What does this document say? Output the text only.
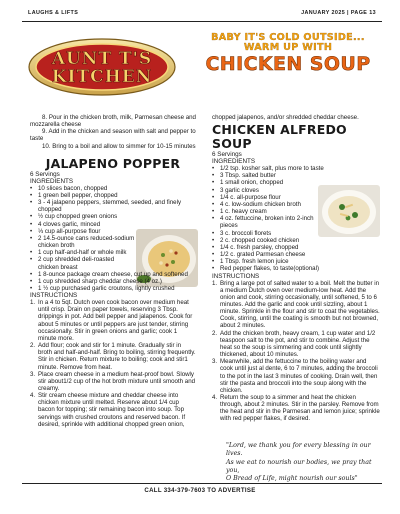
LAUGHS & LIFTS	JANUARY 2025 | PAGE 13
AUNT T'S
KITCHEN
BABY IT'S COLD OUTSIDE...
WARM UP WITH
CHICKEN SOUP

8. Pour in the chicken broth, milk, Parmesan cheese and mozzarella cheese

9. Add in the chicken and season with salt and pepper to taste

10. Bring to a boil and allow to simmer for 10-15 minutes

JALAPENO POPPER
6 Servings
INGREDIENTS
• 10 slices bacon, chopped
• 1 green bell pepper, chopped
• 3 - 4 jalapeno peppers, stemmed, seeded, and finely chopped
• ½ cup chopped green onions
• 4 cloves garlic, minced
• ⅓ cup all-purpose flour
• 2 14.5-ounce cans reduced-sodium chicken broth
• 1 cup half-and-half or whole milk
• 2 cup shredded deli-roasted chicken breast
• 1 8-ounce package cream cheese, cut up and softened
• 1 cup shredded sharp cheddar cheese (4 oz.)
• 1 ½ cup purchased garlic croutons, lightly crushed
INSTRUCTIONS
1. In a 4 to 5qt. Dutch oven cook bacon over medium heat until crisp. Drain on paper towels, reserving 3 Tbsp. drippings in pot. Add bell pepper and jalapenos. Cook for about 5 minutes or until peppers are just tender, stirring occasionally. Stir in green onions and garlic; cook 1 minute more.
2. Add flour; cook and stir for 1 minute. Gradually stir in broth and half-and-half. Bring to boiling, stirring frequently. Stir in chicken. Return mixture to boiling; cook and stir1 minute. Remove from heat.
3. Place cream cheese in a medium heat-proof bowl. Slowly stir about1/2 cup of the hot broth mixture until smooth and creamy.
4. Stir cream cheese mixture and cheddar cheese into chicken mixture until melted. Reserve about 1/4 cup bacon for topping; stir remaining bacon into soup. Top servings with crushed croutons and reserved bacon. If desired, sprinkle with additional chopped green onion,

chopped jalapenos, and/or shredded cheddar cheese.

CHICKEN ALFREDO SOUP
6 Servings
INGREDIENTS
• 1/2 tsp. kosher salt, plus more to taste
• 3 Tbsp. salted butter
• 1 small onion, chopped
• 3 garlic cloves
• 1/4 c. all-purpose flour
• 4 c. low-sodium chicken broth
• 1 c. heavy cream
• 4 oz. fettuccine, broken into 2-inch pieces
• 3 c. broccoli florets
• 2 c. chopped cooked chicken
• 1/4 c. fresh parsley, chopped
• 1/2 c. grated Parmesan cheese
• 1 Tbsp. fresh lemon juice
• Red pepper flakes, to taste(optional)
INSTRUCTIONS
1. Bring a large pot of salted water to a boil. Melt the butter in a medium Dutch oven over medium-low heat. Add the onion and cook, stirring occasionally, until softened, 5 to 6 minutes. Add the garlic and cook until sizzling, about 1 minute. Sprinkle in the flour and stir to coat the vegetables. Cook, stirring, until the coating is smooth but not browned, about 2 minutes.
2. Add the chicken broth, heavy cream, 1 cup water and 1/2 teaspoon salt to the pot, and stir to combine. Adjust the heat so the soup is simmering and cook until slightly thickened, about 10 minutes.
3. Meanwhile, add the fettuccine to the boiling water and cook until just al dente, 6 to 7 minutes, adding the broccoli to the pot in the last 3 minutes of cooking. Drain well, then stir the pasta and broccoli into the soup along with the chicken.
4. Return the soup to a simmer and heat the chicken through, about 2 minutes. Stir in the parsley. Remove from the heat and stir in the Parmesan and lemon juice; sprinkle with red pepper flakes, if desired.
"Lord, we thank you for every blessing in our lives.
As we eat to nourish our bodies, we pray that you,
O Bread of Life, might nourish our souls"
CALL 334-379-7603 TO ADVERTISE
